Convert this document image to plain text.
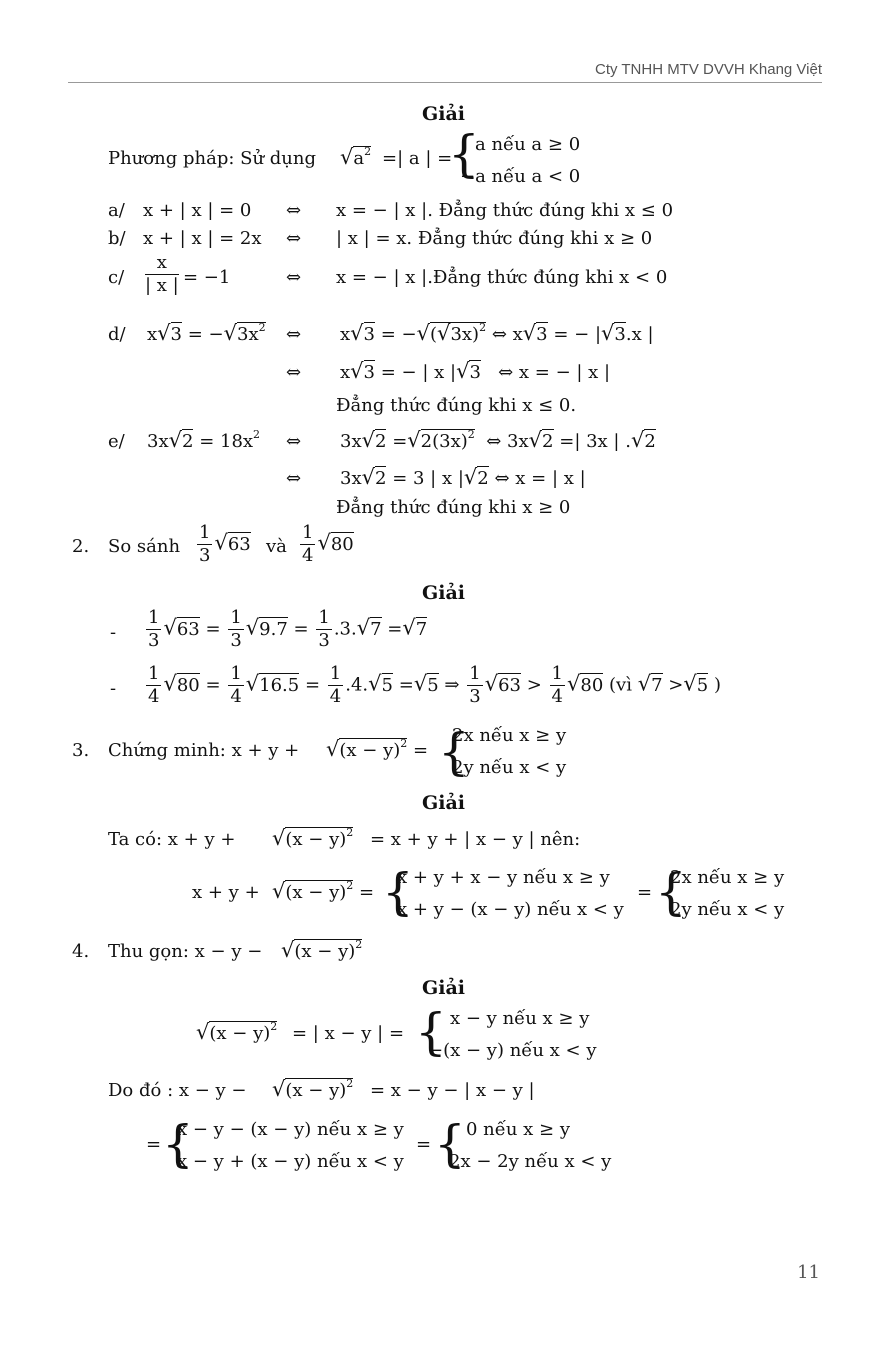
Cty TNHH MTV DVVH Khang Việt
Giải
Phương pháp: Sử dụng $√a^2$ =| a | =
{
a nếu a ≥ 0
−a nếu a < 0
a/ x + | x | = 0 ⇔ x = − | x |. Đẳng thức đúng khi x ≤ 0
b/ x + | x | = 2x ⇔ | x | = x. Đẳng thức đúng khi x ≥ 0
$c/ \frac{x}{| x |} = -1$	⇔ x = − | x |.Đẳng thức đúng khi x < 0
d/ $x√3 = -√3x^2$ ⇔ $x√3 = -√(√3x)^2$ ⇔ x√3 = − |√3.x |
⇔ x√3 = − | x |√3 ⇔ x = − | x |
Đẳng thức đúng khi x ≤ 0.
e/ $3x√2 = 18x^2$ ⇔ $3x√2 =√2(3x)^2$ ⇔ 3x√2 =| 3x | .√2
⇔ 3x√2 = 3 | x |√2 ⇔ x = | x |
Đẳng thức đúng khi x ≥ 0
2. So sánh $\frac{1}{3} √63$ và $\frac{1}{4} √80$
Giải
- $\frac{1}{3} √63 = \frac{1}{3} √9.7 = \frac{1}{3} .3.√7 =√7$
- $\frac{1}{4} √80 = \frac{1}{4} √16.5 = \frac{1}{4} .4.√5 =√5$ ⇒ $\frac{1}{3} √63 > \frac{1}{4} √80$ (vì √7 >√5 )
3. Chứng minh: $x + y + √(x - y)^2$ = {
2x nếu x ≥ y
2y nếu x < y
Giải
Ta có: $x + y + √(x - y)^2 = x + y$ + | x − y | nên:
$x + y + √(x - y)^2$ = {
x + y + x − y nếu x ≥ y
x + y − (x − y) nếu x < y
= {
2x nếu x ≥ y
2y nếu x < y
4. Thu gọn: $x - y - √(x - y)^2$
Giải
$√(x - y)^2$ = | x − y | = { x − y nếu x ≥ y
−(x − y) nếu x < y
Do đó : $x - y - √(x - y)^2 = x - y$ − | x − y |
= {
x − y − (x − y) nếu x ≥ y
x − y + (x − y) nếu x < y
= { 0 nếu x ≥ y
2x − 2y nếu x < y
11
